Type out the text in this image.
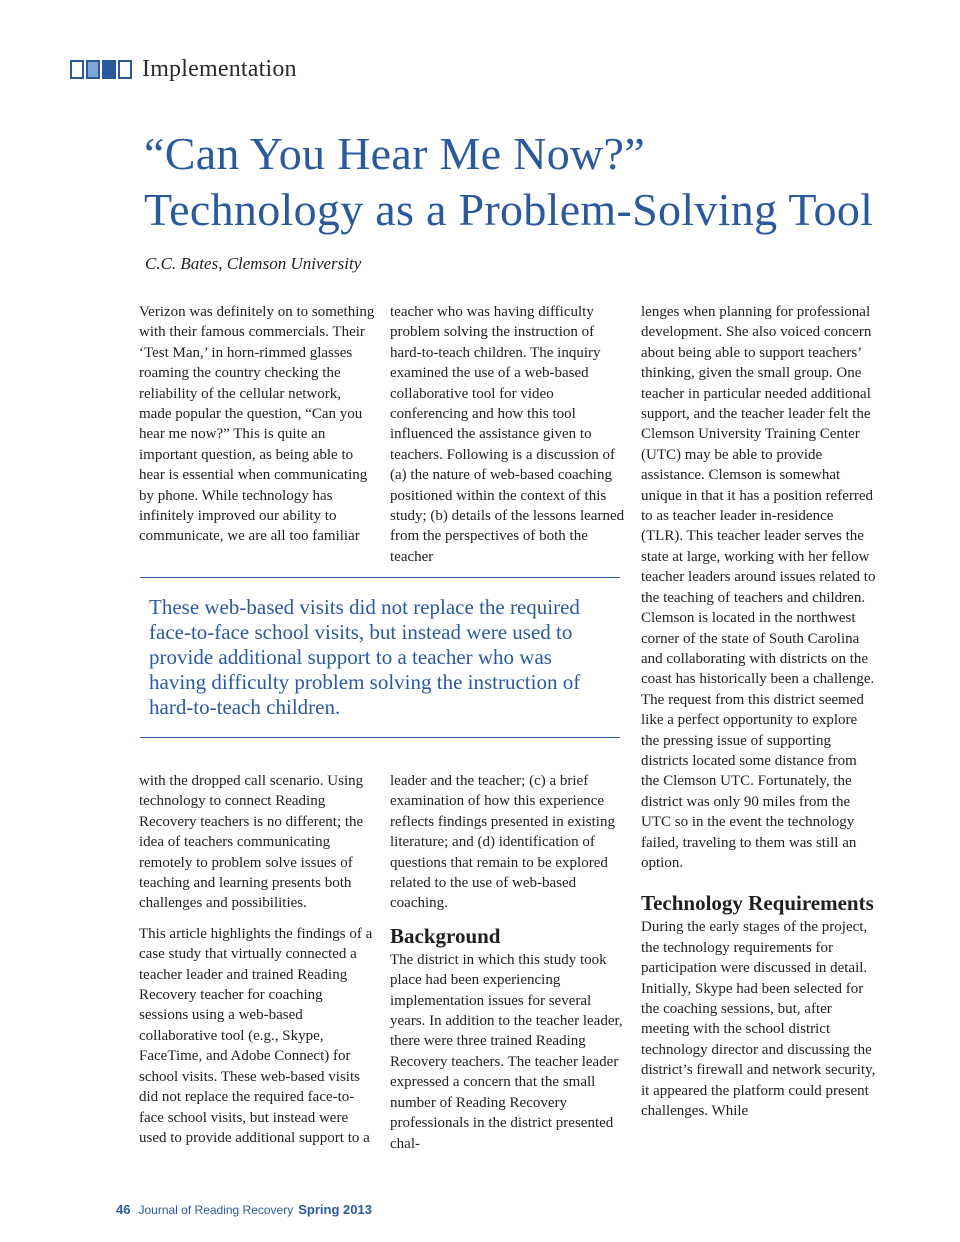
Implementation
“Can You Hear Me Now?”
Technology as a Problem-Solving Tool
C.C. Bates, Clemson University

Verizon was definitely on to something with their famous commercials. Their ‘Test Man,’ in horn-rimmed glasses roaming the country checking the reliability of the cellular network, made popular the question, “Can you hear me now?” This is quite an important question, as being able to hear is essential when communicating by phone. While technology has infinitely improved our ability to communicate, we are all too familiar

teacher who was having difficulty problem solving the instruction of hard-to-teach children. The inquiry examined the use of a web-based collaborative tool for video conferencing and how this tool influenced the assistance given to teachers. Following is a discussion of (a) the nature of web-based coaching positioned within the context of this study; (b) details of the lessons learned from the perspectives of both the teacher

These web-based visits did not replace the required face-to-face school visits, but instead were used to provide additional support to a teacher who was having difficulty problem solving the instruction of hard-to-teach children.

with the dropped call scenario. Using technology to connect Reading Recovery teachers is no different; the idea of teachers communicating remotely to problem solve issues of teaching and learning presents both challenges and possibilities.

This article highlights the findings of a case study that virtually connected a teacher leader and trained Reading Recovery teacher for coaching sessions using a web-based collaborative tool (e.g., Skype, FaceTime, and Adobe Connect) for school visits. These web-based visits did not replace the required face-to-face school visits, but instead were used to provide additional support to a

leader and the teacher; (c) a brief examination of how this experience reflects findings presented in existing literature; and (d) identification of questions that remain to be explored related to the use of web-based coaching.

Background

The district in which this study took place had been experiencing implementation issues for several years. In addition to the teacher leader, there were three trained Reading Recovery teachers. The teacher leader expressed a concern that the small number of Reading Recovery professionals in the district presented chal-

lenges when planning for professional development. She also voiced concern about being able to support teachers’ thinking, given the small group. One teacher in particular needed additional support, and the teacher leader felt the Clemson University Training Center (UTC) may be able to provide assistance. Clemson is somewhat unique in that it has a position referred to as teacher leader in-residence (TLR). This teacher leader serves the state at large, working with her fellow teacher leaders around issues related to the teaching of teachers and children. Clemson is located in the northwest corner of the state of South Carolina and collaborating with districts on the coast has historically been a challenge. The request from this district seemed like a perfect opportunity to explore the pressing issue of supporting districts located some distance from the Clemson UTC. Fortunately, the district was only 90 miles from the UTC so in the event the technology failed, traveling to them was still an option.

Technology Requirements

During the early stages of the project, the technology requirements for participation were discussed in detail. Initially, Skype had been selected for the coaching sessions, but, after meeting with the school district technology director and discussing the district’s firewall and network security, it appeared the platform could present challenges. While

46 Journal of Reading Recovery Spring 2013
